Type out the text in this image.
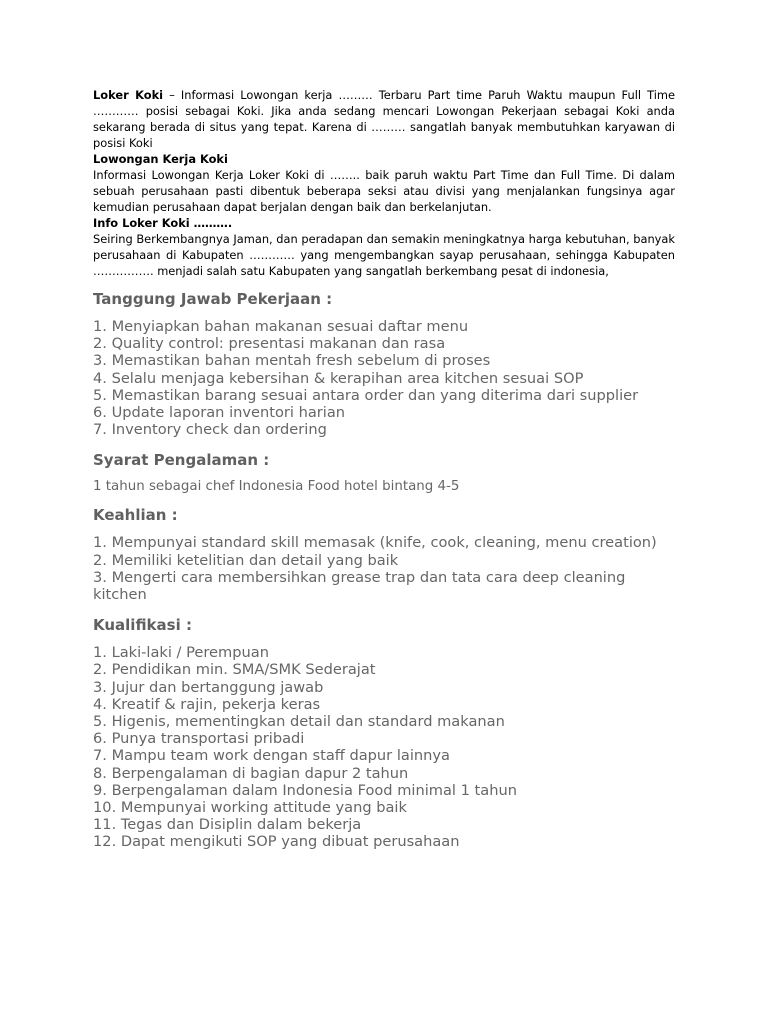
Loker Koki – Informasi Lowongan kerja ……… Terbaru Part time Paruh Waktu maupun Full Time ………… posisi sebagai Koki. Jika anda sedang mencari Lowongan Pekerjaan sebagai Koki anda sekarang berada di situs yang tepat. Karena di ……… sangatlah banyak membutuhkan karyawan di posisi Koki

Lowongan Kerja Koki

Informasi Lowongan Kerja Loker Koki di …….. baik paruh waktu Part Time dan Full Time. Di dalam sebuah perusahaan pasti dibentuk beberapa seksi atau divisi yang menjalankan fungsinya agar kemudian perusahaan dapat berjalan dengan baik dan berkelanjutan.

Info Loker Koki ……….

Seiring Berkembangnya Jaman, dan peradapan dan semakin meningkatnya harga kebutuhan, banyak perusahaan di Kabupaten ………… yang mengembangkan sayap perusahaan, sehingga Kabupaten ……………. menjadi salah satu Kabupaten yang sangatlah berkembang pesat di indonesia,

Tanggung Jawab Pekerjaan :
1. Menyiapkan bahan makanan sesuai daftar menu
2. Quality control: presentasi makanan dan rasa
3. Memastikan bahan mentah fresh sebelum di proses
4. Selalu menjaga kebersihan & kerapihan area kitchen sesuai SOP
5. Memastikan barang sesuai antara order dan yang diterima dari supplier
6. Update laporan inventori harian
7. Inventory check dan ordering
Syarat Pengalaman :

1 tahun sebagai chef Indonesia Food hotel bintang 4-5

Keahlian :
1. Mempunyai standard skill memasak (knife, cook, cleaning, menu creation)
2. Memiliki ketelitian dan detail yang baik
3. Mengerti cara membersihkan grease trap dan tata cara deep cleaning kitchen
Kualifikasi :
1. Laki-laki / Perempuan
2. Pendidikan min. SMA/SMK Sederajat
3. Jujur dan bertanggung jawab
4. Kreatif & rajin, pekerja keras
5. Higenis, mementingkan detail dan standard makanan
6. Punya transportasi pribadi
7. Mampu team work dengan staff dapur lainnya
8. Berpengalaman di bagian dapur 2 tahun
9. Berpengalaman dalam Indonesia Food minimal 1 tahun
10. Mempunyai working attitude yang baik
11. Tegas dan Disiplin dalam bekerja
12. Dapat mengikuti SOP yang dibuat perusahaan
